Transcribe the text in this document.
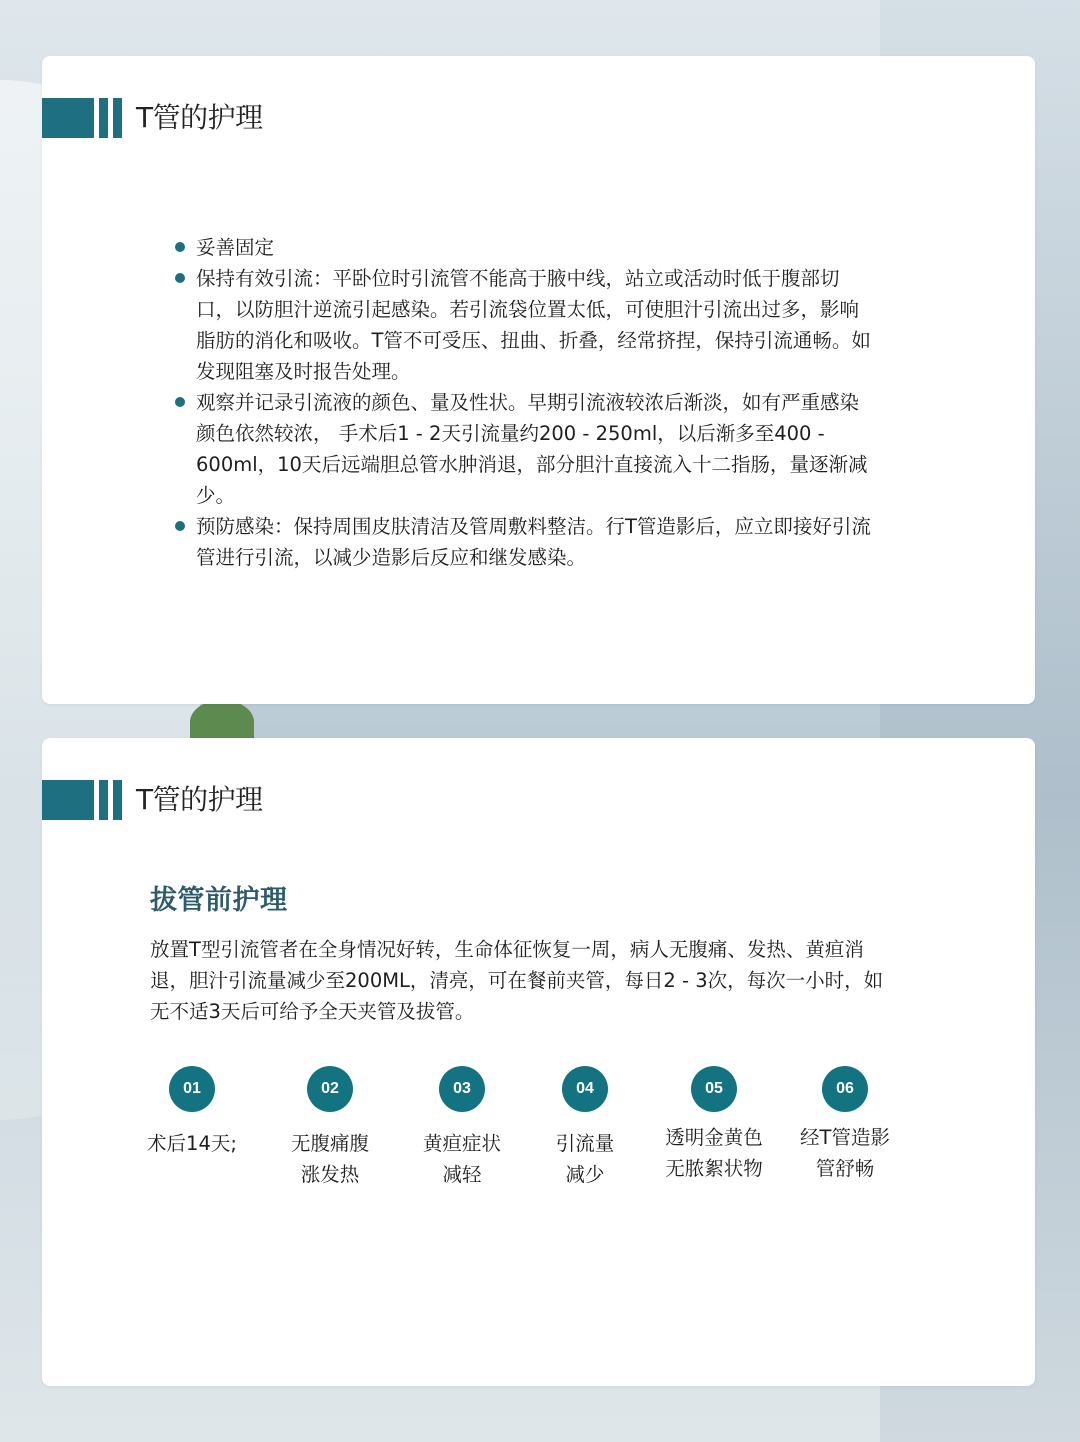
T管的护理
妥善固定
保持有效引流：平卧位时引流管不能高于腋中线，站立或活动时低于腹部切口，以防胆汁逆流引起感染。若引流袋位置太低，可使胆汁引流出过多，影响脂肪的消化和吸收。T管不可受压、扭曲、折叠，经常挤捏，保持引流通畅。如发现阻塞及时报告处理。
观察并记录引流液的颜色、量及性状。早期引流液较浓后渐淡，如有严重感染颜色依然较浓， 手术后1 - 2天引流量约200 - 250ml，以后渐多至400 - 600ml，10天后远端胆总管水肿消退，部分胆汁直接流入十二指肠，量逐渐减少。
预防感染：保持周围皮肤清洁及管周敷料整洁。行T管造影后，应立即接好引流管进行引流，以减少造影后反应和继发感染。
T管的护理
拔管前护理

放置T型引流管者在全身情况好转，生命体征恢复一周，病人无腹痛、发热、黄疸消退，胆汁引流量减少至200ML，清亮，可在餐前夹管，每日2 - 3次，每次一小时，如无不适3天后可给予全天夹管及拔管。

01
术后14天;
02
无腹痛腹
涨发热
03
黄疸症状
减轻
04
引流量
减少
05
透明金黄色
无脓絮状物
06
经T管造影
管舒畅
